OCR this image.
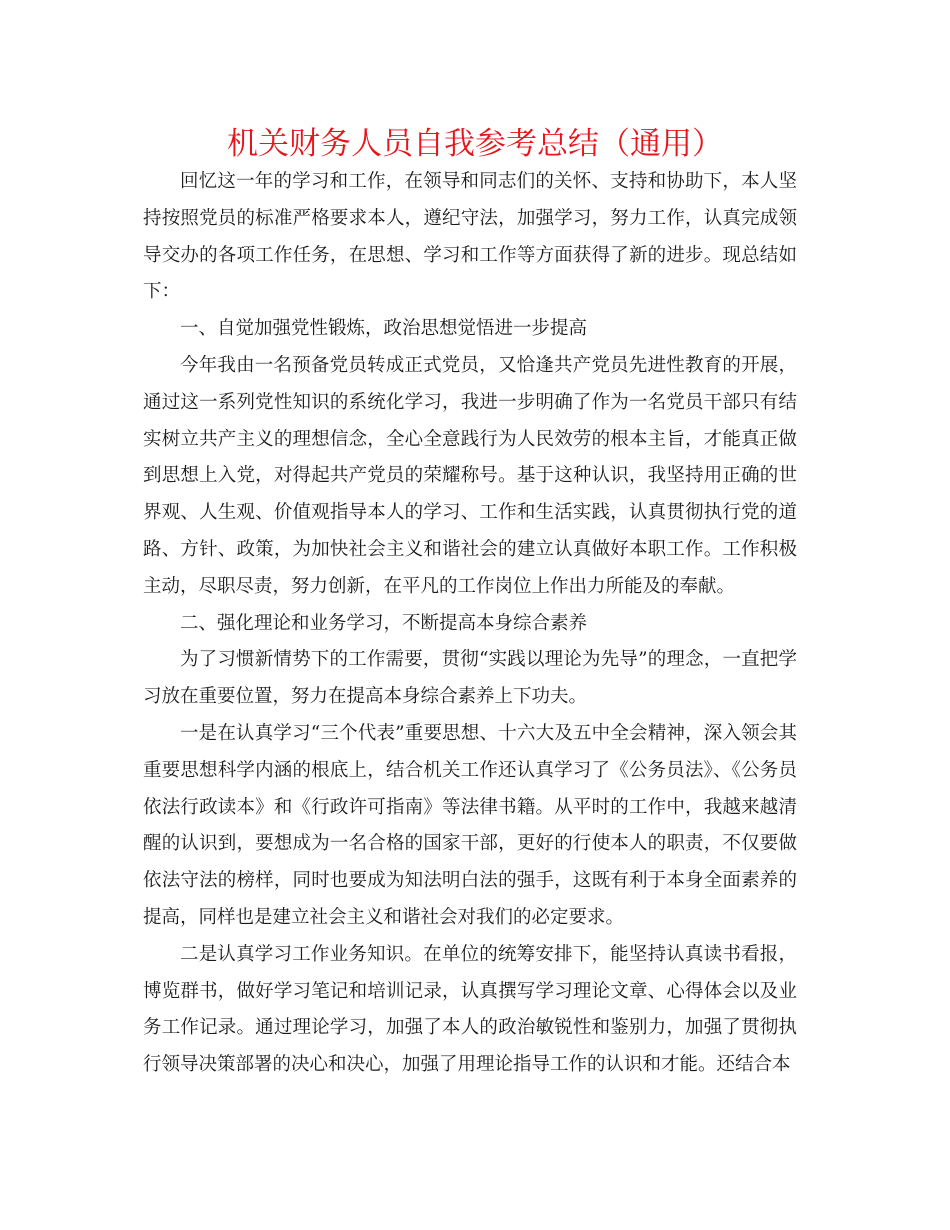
机关财务人员自我参考总结（通用）

回忆这一年的学习和工作，在领导和同志们的关怀、支持和协助下，本人坚持按照党员的标准严格要求本人，遵纪守法，加强学习，努力工作，认真完成领导交办的各项工作任务，在思想、学习和工作等方面获得了新的进步。现总结如下：

一、自觉加强党性锻炼，政治思想觉悟进一步提高

今年我由一名预备党员转成正式党员，又恰逢共产党员先进性教育的开展，通过这一系列党性知识的系统化学习，我进一步明确了作为一名党员干部只有结实树立共产主义的理想信念，全心全意践行为人民效劳的根本主旨，才能真正做到思想上入党，对得起共产党员的荣耀称号。基于这种认识，我坚持用正确的世界观、人生观、价值观指导本人的学习、工作和生活实践，认真贯彻执行党的道路、方针、政策，为加快社会主义和谐社会的建立认真做好本职工作。工作积极主动，尽职尽责，努力创新，在平凡的工作岗位上作出力所能及的奉献。

二、强化理论和业务学习，不断提高本身综合素养

为了习惯新情势下的工作需要，贯彻“实践以理论为先导”的理念，一直把学习放在重要位置，努力在提高本身综合素养上下功夫。

一是在认真学习“三个代表”重要思想、十六大及五中全会精神，深入领会其重要思想科学内涵的根底上，结合机关工作还认真学习了《公务员法》、《公务员依法行政读本》和《行政许可指南》等法律书籍。从平时的工作中，我越来越清醒的认识到，要想成为一名合格的国家干部，更好的行使本人的职责，不仅要做依法守法的榜样，同时也要成为知法明白法的强手，这既有利于本身全面素养的提高，同样也是建立社会主义和谐社会对我们的必定要求。

二是认真学习工作业务知识。在单位的统筹安排下，能坚持认真读书看报，博览群书，做好学习笔记和培训记录，认真撰写学习理论文章、心得体会以及业务工作记录。通过理论学习，加强了本人的政治敏锐性和鉴别力，加强了贯彻执行领导决策部署的决心和决心，加强了用理论指导工作的认识和才能。还结合本
